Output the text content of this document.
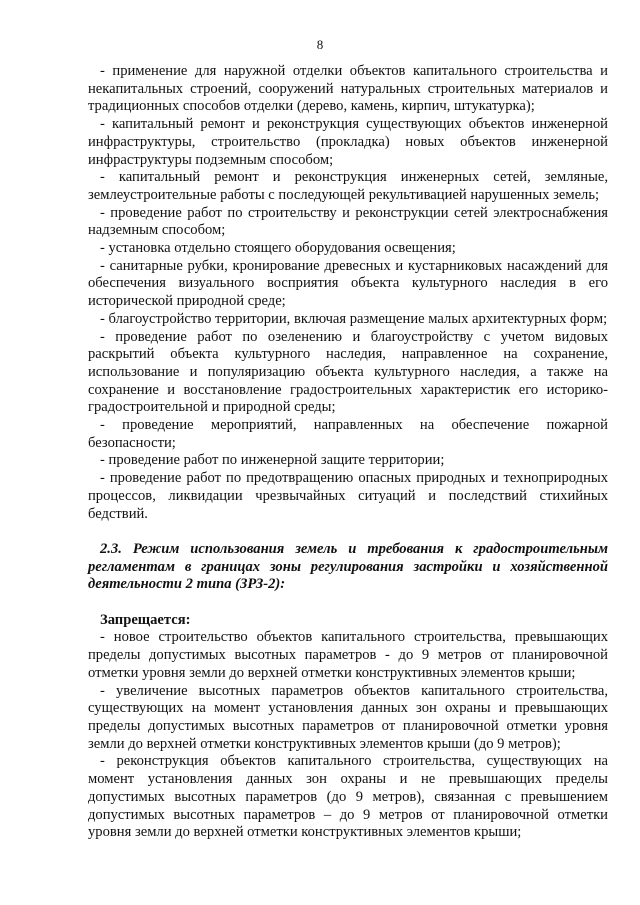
8

- применение для наружной отделки объектов капитального строительства и некапитальных строений, сооружений натуральных строительных материалов и традиционных способов отделки (дерево, камень, кирпич, штукатурка);

- капитальный ремонт и реконструкция существующих объектов инженерной инфраструктуры, строительство (прокладка) новых объектов инженерной инфраструктуры подземным способом;

- капитальный ремонт и реконструкция инженерных сетей, земляные, землеустроительные работы с последующей рекультивацией нарушенных земель;

- проведение работ по строительству и реконструкции сетей электроснабжения надземным способом;

- установка отдельно стоящего оборудования освещения;

- санитарные рубки, кронирование древесных и кустарниковых насаждений для обеспечения визуального восприятия объекта культурного наследия в его исторической природной среде;

- благоустройство территории, включая размещение малых архитектурных форм;

- проведение работ по озеленению и благоустройству с учетом видовых раскрытий объекта культурного наследия, направленное на сохранение, использование и популяризацию объекта культурного наследия, а также на сохранение и восстановление градостроительных характеристик его историко-градостроительной и природной среды;

- проведение мероприятий, направленных на обеспечение пожарной безопасности;

- проведение работ по инженерной защите территории;

- проведение работ по предотвращению опасных природных и техноприродных процессов, ликвидации чрезвычайных ситуаций и последствий стихийных бедствий.

2.3. Режим использования земель и требования к градостроительным регламентам в границах зоны регулирования застройки и хозяйственной деятельности 2 типа (ЗРЗ-2):

Запрещается:

- новое строительство объектов капитального строительства, превышающих пределы допустимых высотных параметров - до 9 метров от планировочной отметки уровня земли до верхней отметки конструктивных элементов крыши;

- увеличение высотных параметров объектов капитального строительства, существующих на момент установления данных зон охраны и превышающих пределы допустимых высотных параметров от планировочной отметки уровня земли до верхней отметки конструктивных элементов крыши (до 9 метров);

- реконструкция объектов капитального строительства, существующих на момент установления данных зон охраны и не превышающих пределы допустимых высотных параметров (до 9 метров), связанная с превышением допустимых высотных параметров – до 9 метров от планировочной отметки уровня земли до верхней отметки конструктивных элементов крыши;
